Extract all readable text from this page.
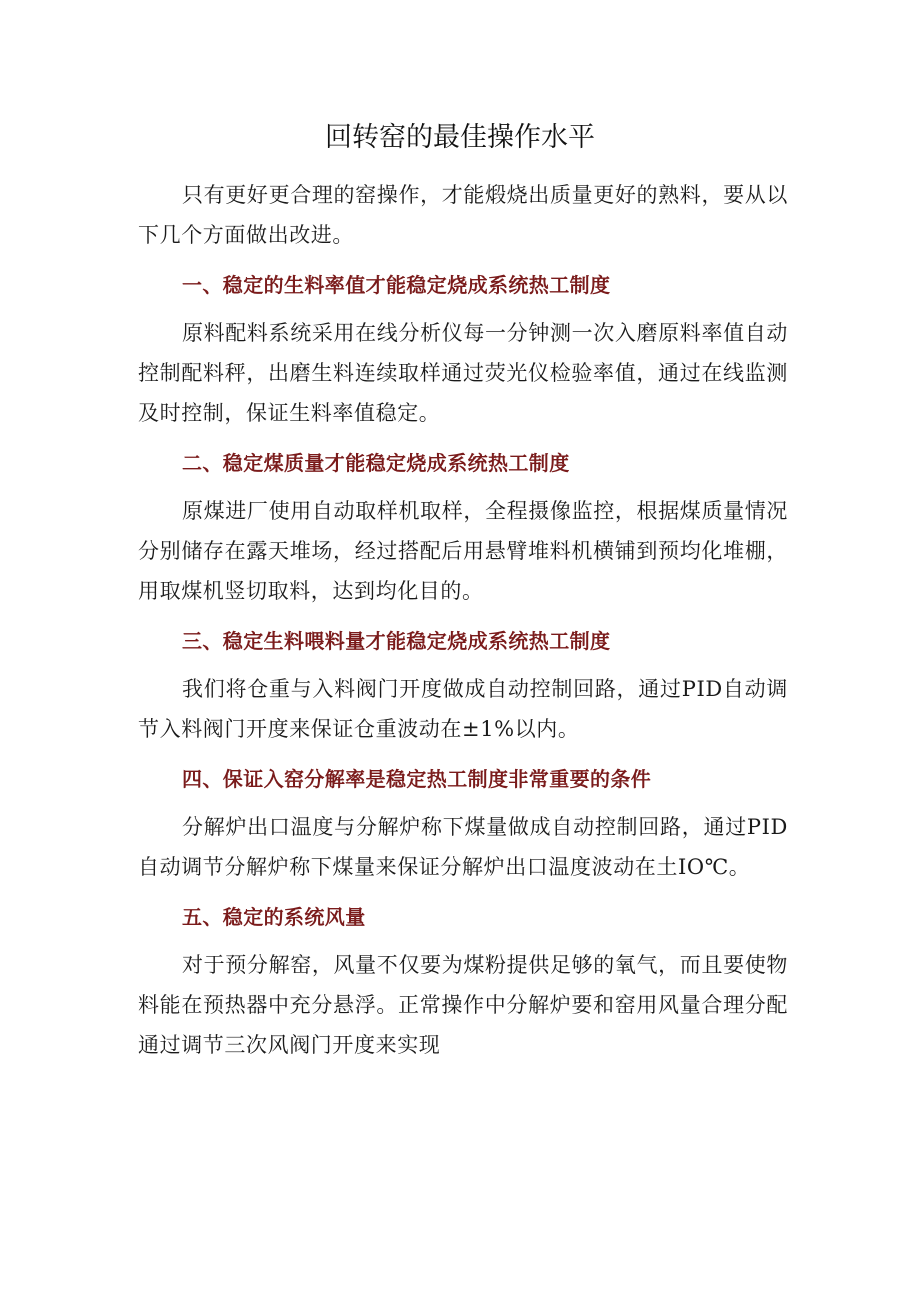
回转窑的最佳操作水平

只有更好更合理的窑操作，才能煅烧出质量更好的熟料，要从以下几个方面做出改进。

一、稳定的生料率值才能稳定烧成系统热工制度

原料配料系统采用在线分析仪每一分钟测一次入磨原料率值自动控制配料秤，出磨生料连续取样通过荧光仪检验率值，通过在线监测及时控制，保证生料率值稳定。

二、稳定煤质量才能稳定烧成系统热工制度

原煤进厂使用自动取样机取样，全程摄像监控，根据煤质量情况分别储存在露天堆场，经过搭配后用悬臂堆料机横铺到预均化堆棚，用取煤机竖切取料，达到均化目的。

三、稳定生料喂料量才能稳定烧成系统热工制度

我们将仓重与入料阀门开度做成自动控制回路，通过PID自动调节入料阀门开度来保证仓重波动在±1%以内。

四、保证入窑分解率是稳定热工制度非常重要的条件

分解炉出口温度与分解炉称下煤量做成自动控制回路，通过PID自动调节分解炉称下煤量来保证分解炉出口温度波动在土IO℃。

五、稳定的系统风量

对于预分解窑，风量不仅要为煤粉提供足够的氧气，而且要使物料能在预热器中充分悬浮。正常操作中分解炉要和窑用风量合理分配通过调节三次风阀门开度来实现
